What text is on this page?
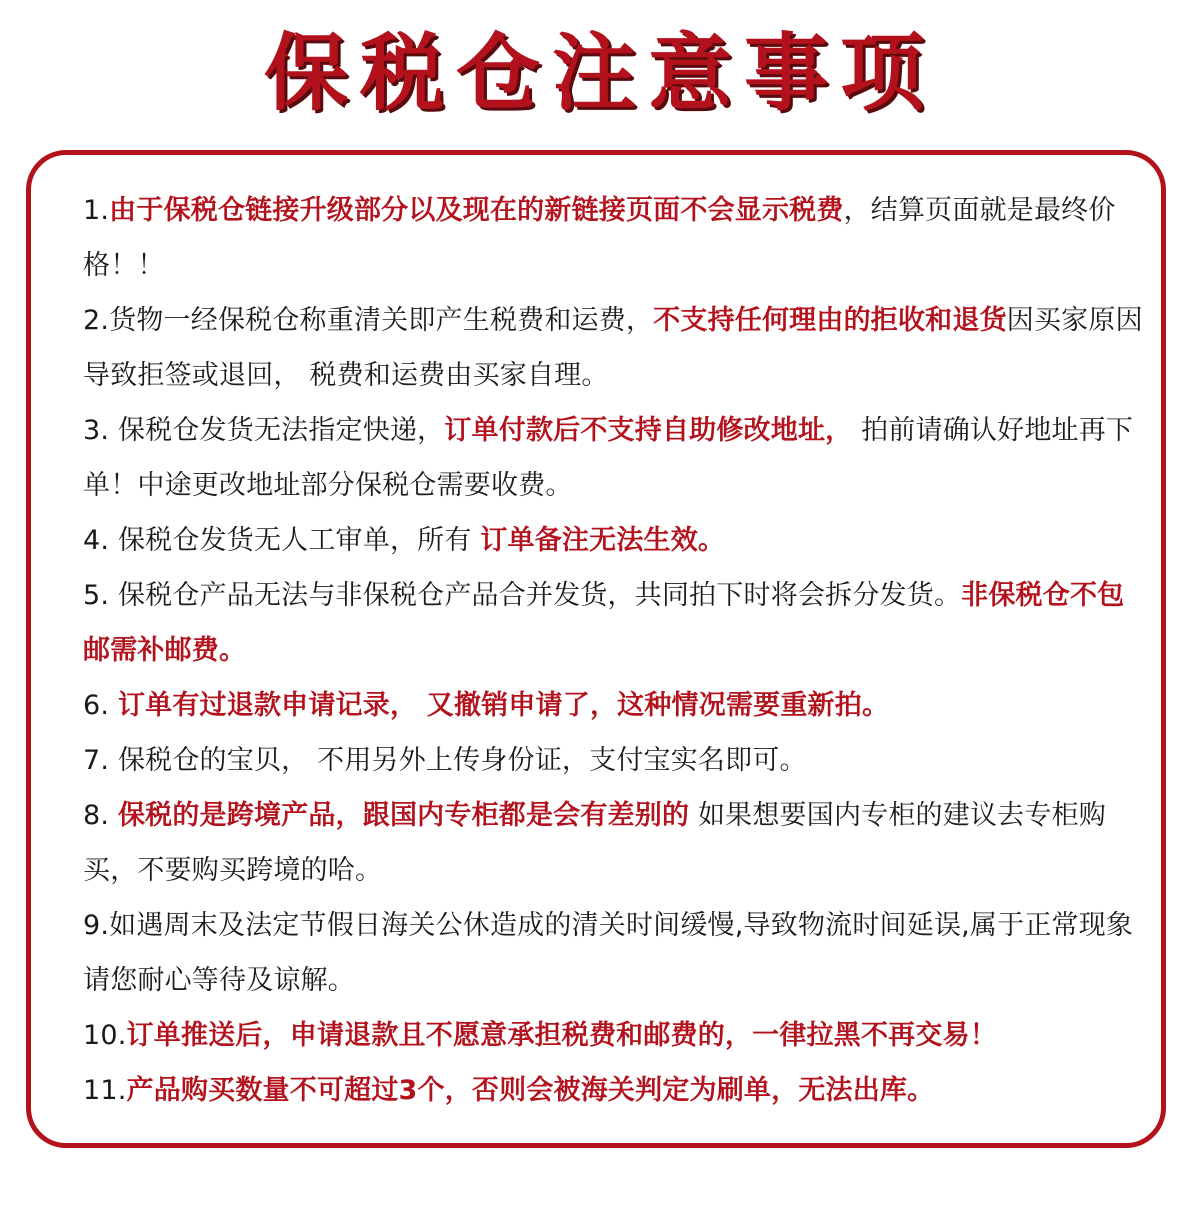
保税仓注意事项

1.由于保税仓链接升级部分以及现在的新链接页面不会显示税费，结算页面就是最终价格！！

2.货物一经保税仓称重清关即产生税费和运费，不支持任何理由的拒收和退货因买家原因导致拒签或退回， 税费和运费由买家自理。

3. 保税仓发货无法指定快递，订单付款后不支持自助修改地址， 拍前请确认好地址再下单！中途更改地址部分保税仓需要收费。

4. 保税仓发货无人工审单，所有 订单备注无法生效。

5. 保税仓产品无法与非保税仓产品合并发货，共同拍下时将会拆分发货。非保税仓不包邮需补邮费。

6. 订单有过退款申请记录， 又撤销申请了，这种情况需要重新拍。

7. 保税仓的宝贝， 不用另外上传身份证，支付宝实名即可。

8. 保税的是跨境产品，跟国内专柜都是会有差别的 如果想要国内专柜的建议去专柜购买，不要购买跨境的哈。

9.如遇周末及法定节假日海关公休造成的清关时间缓慢,导致物流时间延误,属于正常现象请您耐心等待及谅解。

10.订单推送后，申请退款且不愿意承担税费和邮费的，一律拉黑不再交易！

11.产品购买数量不可超过3个，否则会被海关判定为刷单，无法出库。
